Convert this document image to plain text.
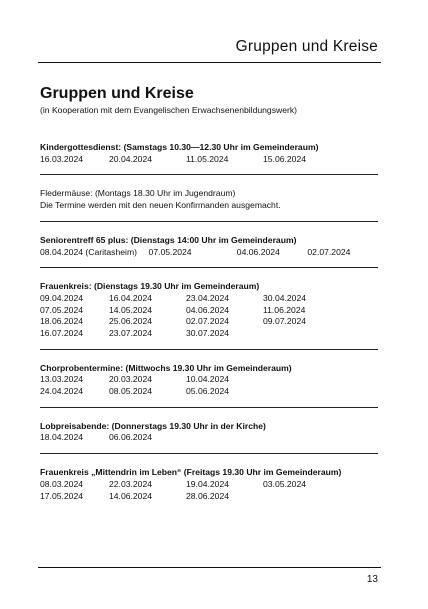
Gruppen und Kreise
Gruppen und Kreise
(in Kooperation mit dem Evangelischen Erwachsenenbildungswerk)
Kindergottesdienst: (Samstags 10.30—12.30 Uhr im Gemeinderaum)
16.03.2024	20.04.2024	11.05.2024	15.06.2024
Fledermäuse: (Montags 18.30 Uhr im Jugendraum)
Die Termine werden mit den neuen Konfirmanden ausgemacht.
Seniorentreff 65 plus: (Dienstags 14:00 Uhr im Gemeinderaum)
08.04.2024 (Caritasheim)	07.05.2024	04.06.2024	02.07.2024
Frauenkreis: (Dienstags 19.30 Uhr im Gemeinderaum)
09.04.2024	16.04.2024	23.04.2024	30.04.2024
07.05.2024	14.05.2024	04.06.2024	11.06.2024
18.06.2024	25.06.2024	02.07.2024	09.07.2024
16.07.2024	23.07.2024	30.07.2024
Chorprobentermine: (Mittwochs 19.30 Uhr im Gemeinderaum)
13.03.2024	20.03.2024	10.04.2024
24.04.2024	08.05.2024	05.06.2024
Lobpreisabende: (Donnerstags 19.30 Uhr in der Kirche)
18.04.2024	06.06.2024
Frauenkreis „Mittendrin im Leben“ (Freitags 19.30 Uhr im Gemeinderaum)
08.03.2024	22.03.2024	19.04.2024	03.05.2024
17.05.2024	14.06.2024	28.06.2024
13
